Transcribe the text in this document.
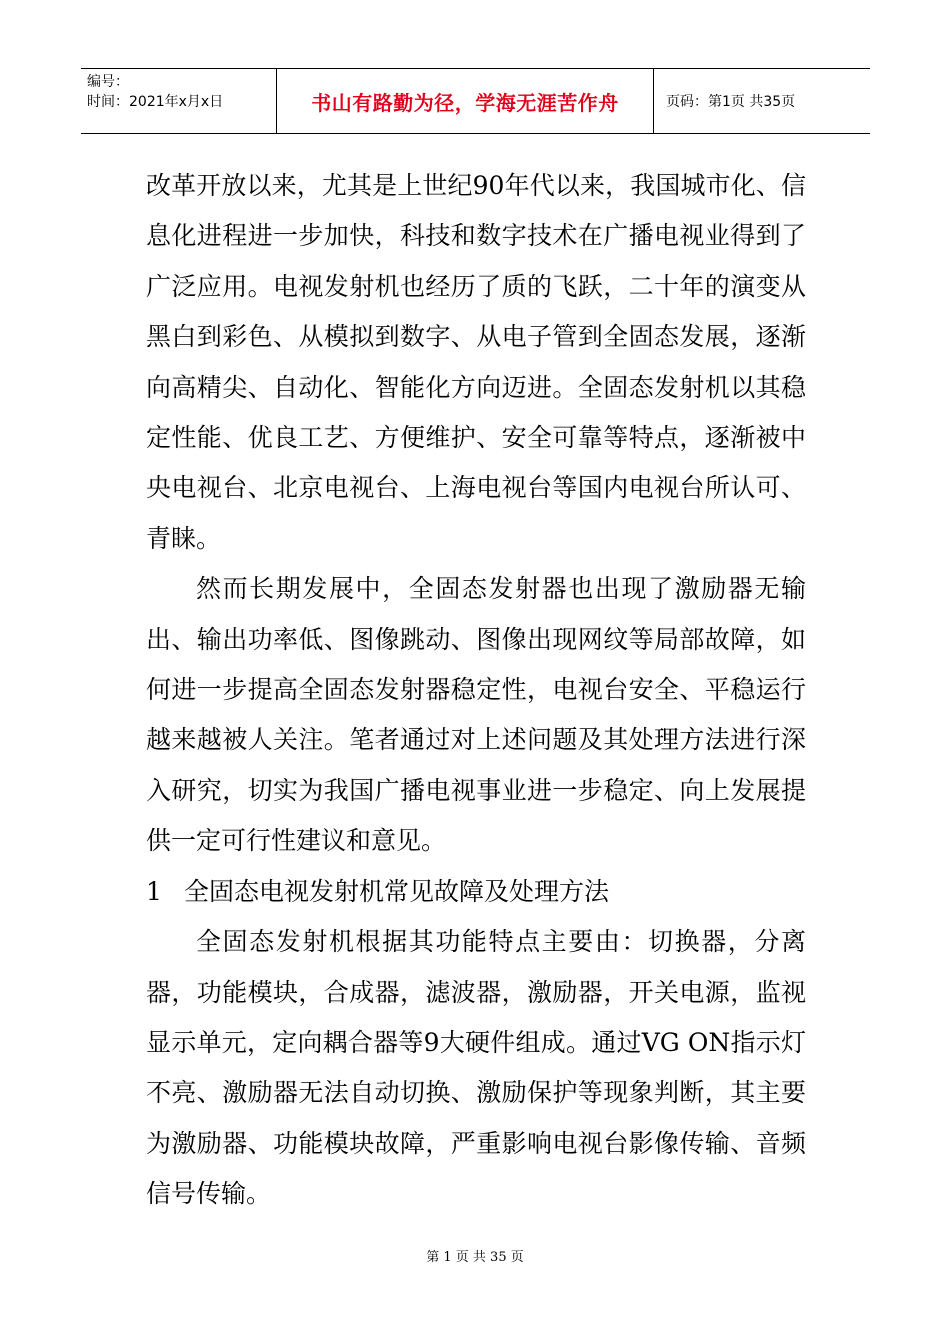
编号：
时间：2021年x月x日	书山有路勤为径，学海无涯苦作舟	页码：第1页 共35页

改革开放以来，尤其是上世纪90年代以来，我国城市化、信息化进程进一步加快，科技和数字技术在广播电视业得到了广泛应用。电视发射机也经历了质的飞跃，二十年的演变从黑白到彩色、从模拟到数字、从电子管到全固态发展，逐渐向高精尖、自动化、智能化方向迈进。全固态发射机以其稳定性能、优良工艺、方便维护、安全可靠等特点，逐渐被中央电视台、北京电视台、上海电视台等国内电视台所认可、青睐。

然而长期发展中，全固态发射器也出现了激励器无输出、输出功率低、图像跳动、图像出现网纹等局部故障，如何进一步提高全固态发射器稳定性，电视台安全、平稳运行越来越被人关注。笔者通过对上述问题及其处理方法进行深入研究，切实为我国广播电视事业进一步稳定、向上发展提供一定可行性建议和意见。

1 全固态电视发射机常见故障及处理方法

全固态发射机根据其功能特点主要由：切换器，分离器，功能模块，合成器，滤波器，激励器，开关电源，监视显示单元，定向耦合器等9大硬件组成。通过VG ON指示灯不亮、激励器无法自动切换、激励保护等现象判断，其主要为激励器、功能模块故障，严重影响电视台影像传输、音频信号传输。

第 1 页 共 35 页
